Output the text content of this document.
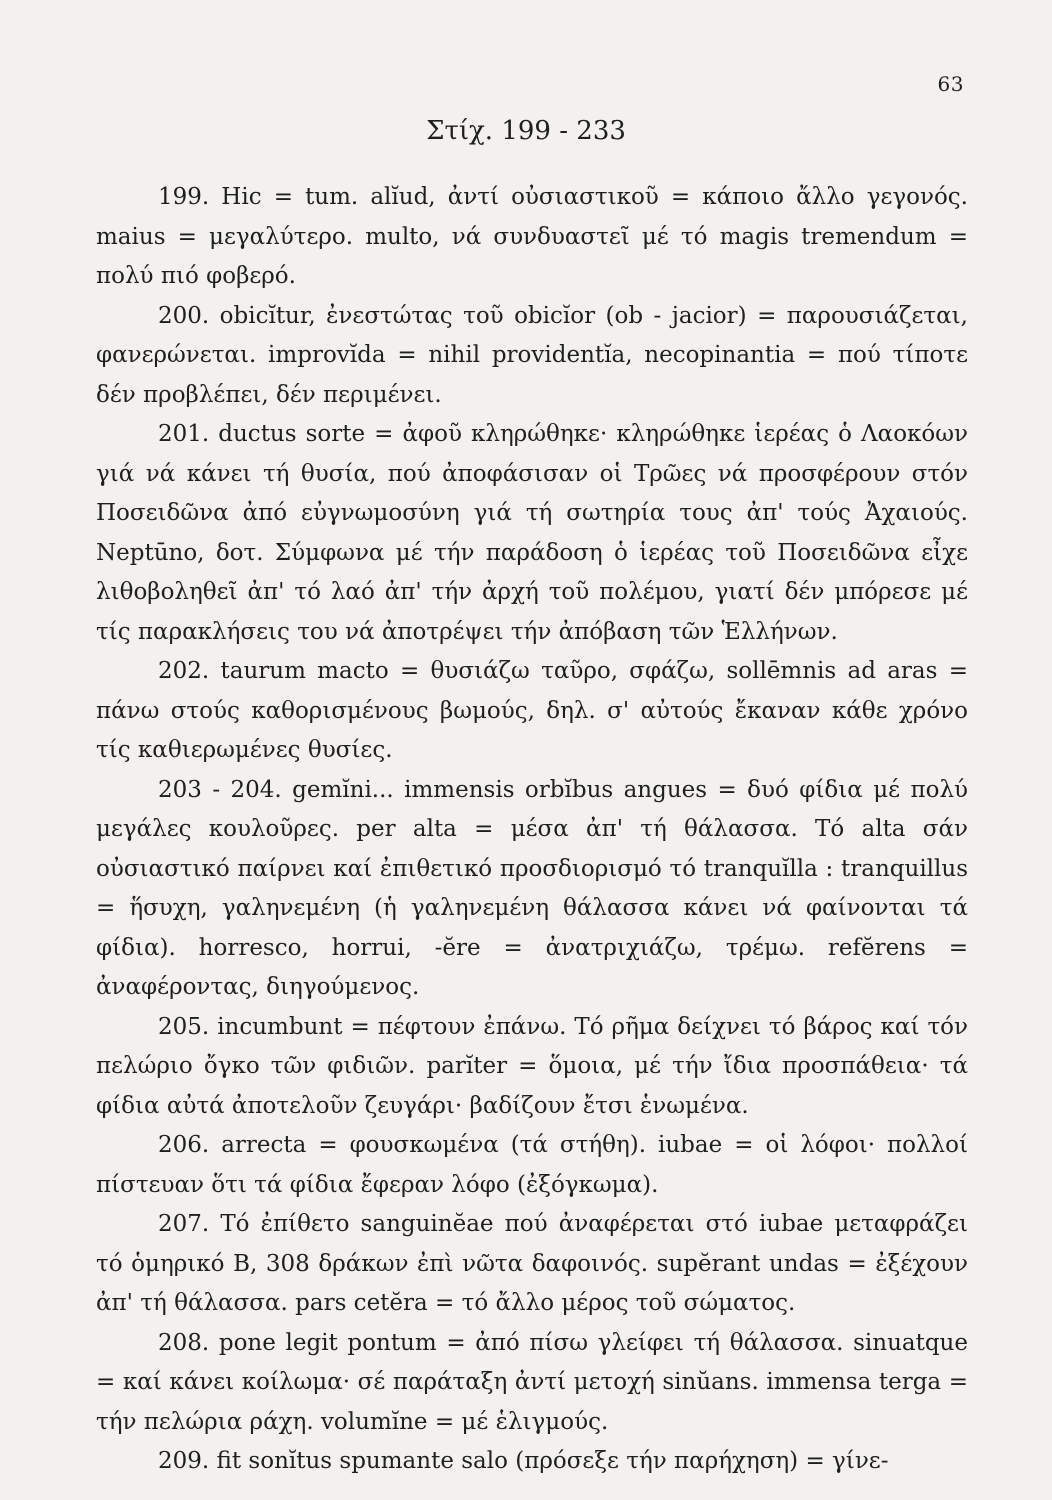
63
Στίχ. 199 - 233

199. Hic = tum. alĭud, ἀντί οὐσιαστικοῦ = κάποιο ἄλλο γεγονός. maius = μεγαλύτερο. multo, νά συνδυαστεῖ μέ τό magis tremendum = πολύ πιό φοβερό.

200. obicĭtur, ἐνεστώτας τοῦ obicĭor (ob - jacior) = παρουσιάζεται, φανερώνεται. improvĭda = nihil providentĭa, necopinantia = πού τίποτε δέν προβλέπει, δέν περιμένει.

201. ductus sorte = ἀφοῦ κληρώθηκε· κληρώθηκε ἱερέας ὁ Λαοκόων γιά νά κάνει τή θυσία, πού ἀποφάσισαν οἱ Τρῶες νά προσφέρουν στόν Ποσειδῶνα ἀπό εὐγνωμοσύνη γιά τή σωτηρία τους ἀπ' τούς Ἀχαιούς. Neptūno, δοτ. Σύμφωνα μέ τήν παράδοση ὁ ἱερέας τοῦ Ποσειδῶνα εἶχε λιθοβοληθεῖ ἀπ' τό λαό ἀπ' τήν ἀρχή τοῦ πολέμου, γιατί δέν μπόρεσε μέ τίς παρακλήσεις του νά ἀποτρέψει τήν ἀπόβαση τῶν Ἑλλήνων.

202. taurum macto = θυσιάζω ταῦρο, σφάζω, sollēmnis ad aras = πάνω στούς καθορισμένους βωμούς, δηλ. σ' αὐτούς ἔκαναν κάθε χρόνο τίς καθιερωμένες θυσίες.

203 - 204. gemĭni... immensis orbĭbus angues = δυό φίδια μέ πολύ μεγάλες κουλοῦρες. per alta = μέσα ἀπ' τή θάλασσα. Τό alta σάν οὐσιαστικό παίρνει καί ἐπιθετικό προσδιορισμό τό tranquĭlla : tranquillus = ἥσυχη, γαληνεμένη (ἡ γαληνεμένη θάλασσα κάνει νά φαίνονται τά φίδια). horresco, horrui, -ĕre = ἀνατριχιάζω, τρέμω. refĕrens = ἀναφέροντας, διηγούμενος.

205. incumbunt = πέφτουν ἐπάνω. Τό ρῆμα δείχνει τό βάρος καί τόν πελώριο ὄγκο τῶν φιδιῶν. parĭter = ὅμοια, μέ τήν ἴδια προσπάθεια· τά φίδια αὐτά ἀποτελοῦν ζευγάρι· βαδίζουν ἔτσι ἑνωμένα.

206. arrecta = φουσκωμένα (τά στήθη). iubae = οἱ λόφοι· πολλοί πίστευαν ὅτι τά φίδια ἔφεραν λόφο (ἐξόγκωμα).

207. Τό ἐπίθετο sanguinĕae πού ἀναφέρεται στό iubae μεταφράζει τό ὁμηρικό Β, 308 δράκων ἐπὶ νῶτα δαφοινός. supĕrant undas = ἐξέχουν ἀπ' τή θάλασσα. pars cetĕra = τό ἄλλο μέρος τοῦ σώματος.

208. pone legit pontum = ἀπό πίσω γλείφει τή θάλασσα. sinuatque = καί κάνει κοίλωμα· σέ παράταξη ἀντί μετοχή sinŭans. immensa terga = τήν πελώρια ράχη. volumĭne = μέ ἑλιγμούς.

209. fit sonĭtus spumante salo (πρόσεξε τήν παρήχηση) = γίνε-
